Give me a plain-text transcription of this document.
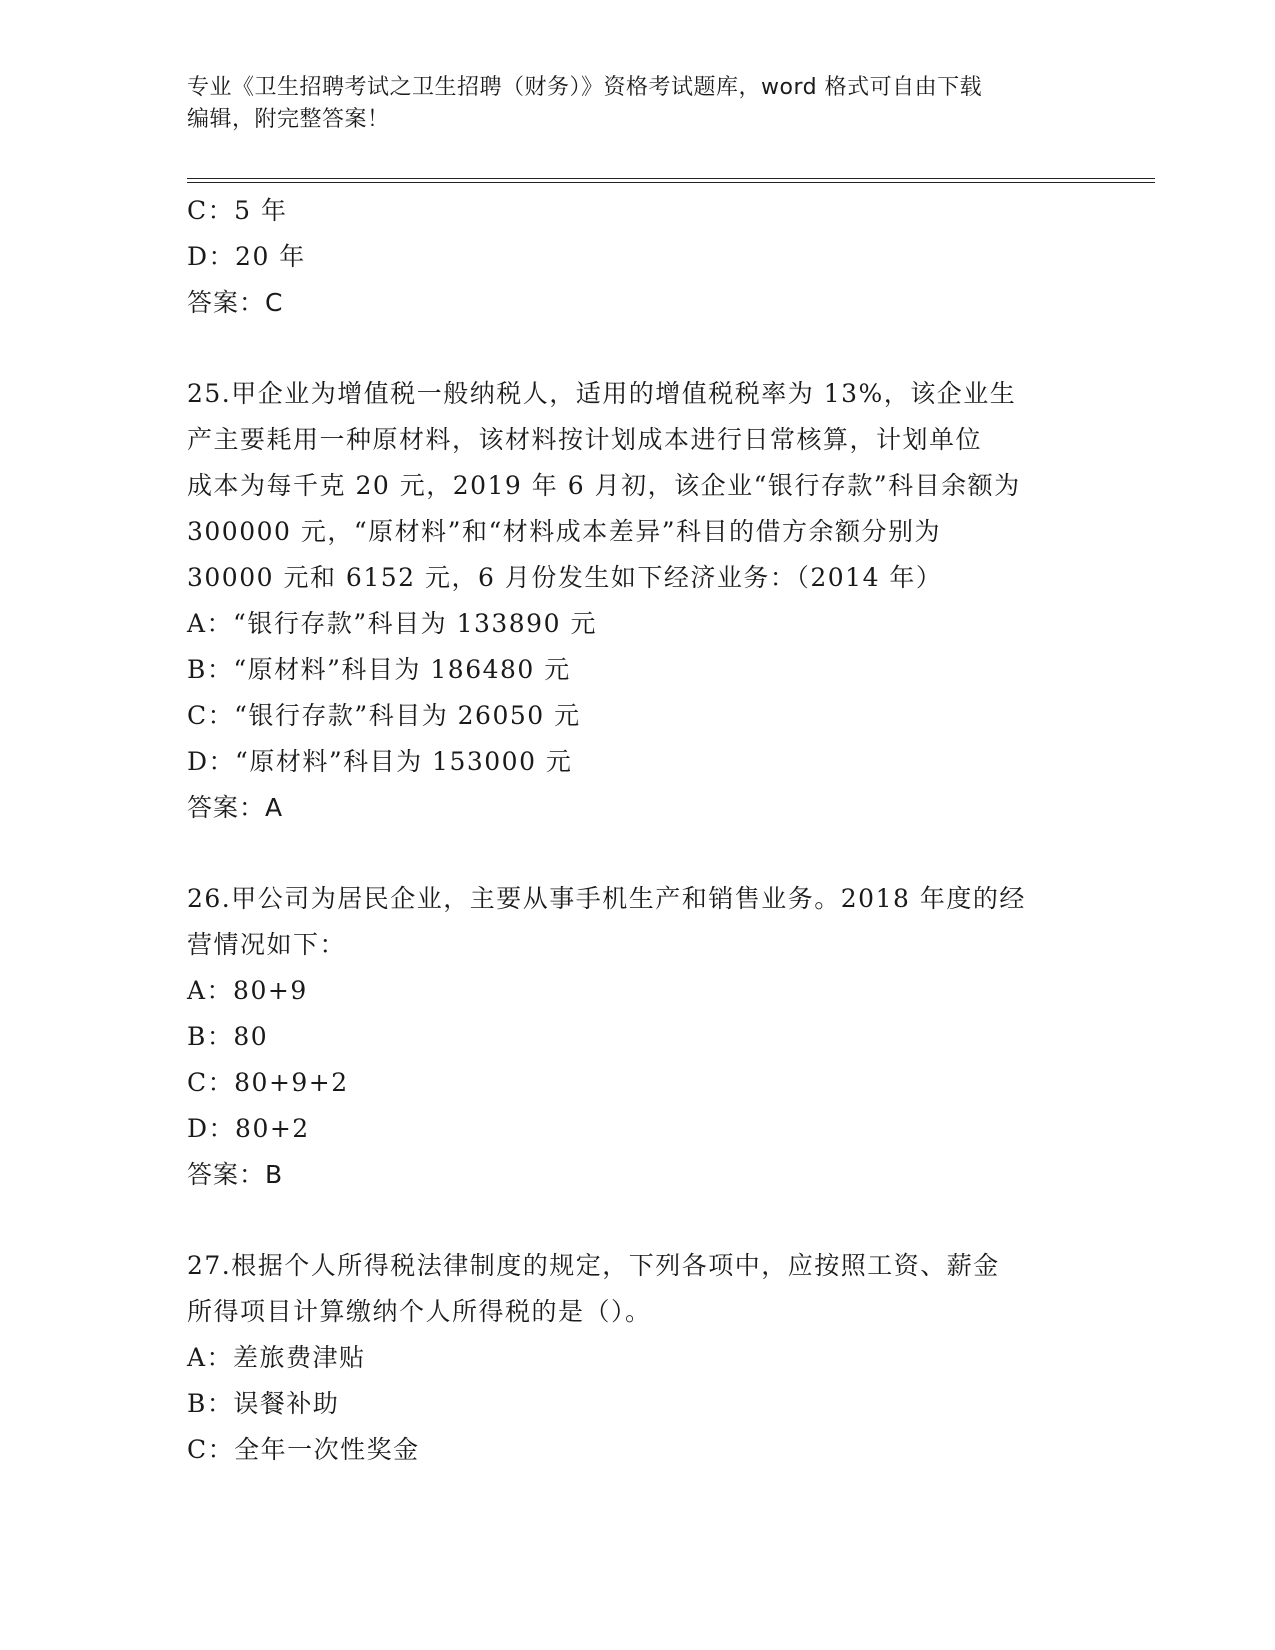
专业《卫生招聘考试之卫生招聘（财务）》资格考试题库，word 格式可自由下载
编辑，附完整答案！
C：5 年
D：20 年
答案：C
25.甲企业为增值税一般纳税人，适用的增值税税率为 13%，该企业生
产主要耗用一种原材料，该材料按计划成本进行日常核算，计划单位
成本为每千克 20 元，2019 年 6 月初，该企业“银行存款”科目余额为
300000 元，“原材料”和“材料成本差异”科目的借方余额分别为
30000 元和 6152 元，6 月份发生如下经济业务：（2014 年）
A：“银行存款”科目为 133890 元
B：“原材料”科目为 186480 元
C：“银行存款”科目为 26050 元
D：“原材料”科目为 153000 元
答案：A
26.甲公司为居民企业，主要从事手机生产和销售业务。2018 年度的经
营情况如下：
A：80+9
B：80
C：80+9+2
D：80+2
答案：B
27.根据个人所得税法律制度的规定，下列各项中，应按照工资、薪金
所得项目计算缴纳个人所得税的是（）。
A：差旅费津贴
B：误餐补助
C：全年一次性奖金
